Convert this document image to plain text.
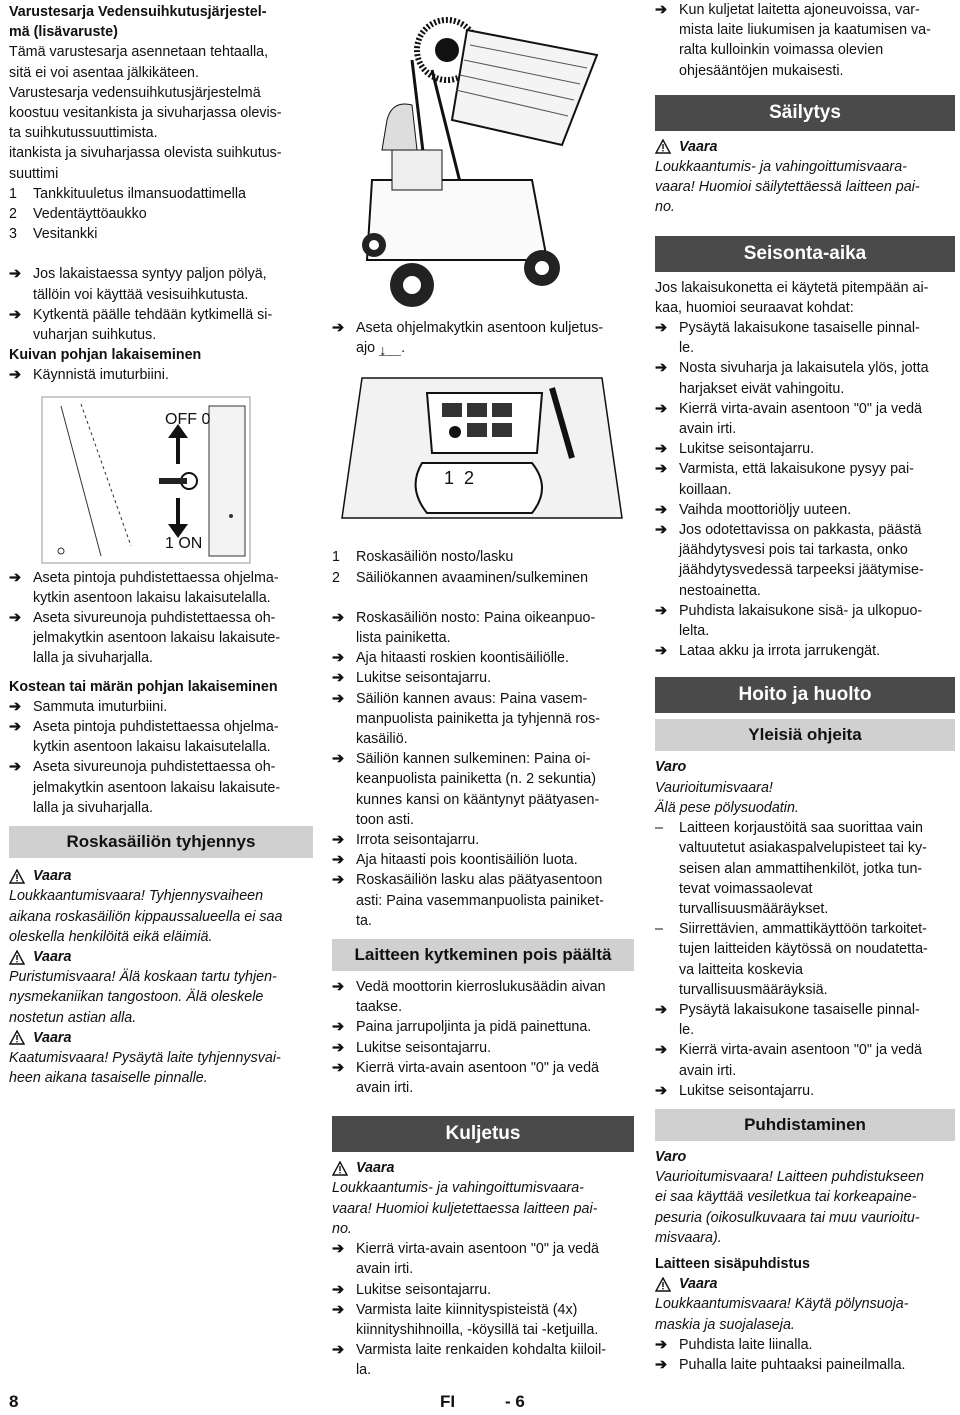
Varustesarja Vedensuihkutusjärjestel-
mä (lisävaruste)

Tämä varustesarja asennetaan tehtaalla,
sitä ei voi asentaa jälkikäteen.

Varustesarja vedensuihkutusjärjestelmä
koostuu vesitankista ja sivuharjassa olevis-
ta suihkutussuuttimista.

itankista ja sivuharjassa olevista suihkutus-
suuttimi

1 Tankkituuletus ilmansuodattimella

2 Vedentäyttöaukko

3 Vesitankki

➔ Jos lakaistaessa syntyy paljon pölyä,
tällöin voi käyttää vesisuihkutusta.

➔ Kytkentä päälle tehdään kytkimellä si-
vuharjan suihkutus.

Kuivan pohjan lakaiseminen

➔ Käynnistä imuturbiini.

OFF 0
1 ON

➔ Aseta pintoja puhdistettaessa ohjelma-
kytkin asentoon lakaisu lakaisutelalla.

➔ Aseta sivureunoja puhdistettaessa oh-
jelmakytkin asentoon lakaisu lakaisute-
lalla ja sivuharjalla.

Kostean tai märän pohjan lakaiseminen

➔ Sammuta imuturbiini.

➔ Aseta pintoja puhdistettaessa ohjelma-
kytkin asentoon lakaisu lakaisutelalla.

➔ Aseta sivureunoja puhdistettaessa oh-
jelmakytkin asentoon lakaisu lakaisute-
lalla ja sivuharjalla.

Roskasäiliön tyhjennys

Vaara

Loukkaantumisvaara! Tyhjennysvaiheen
aikana roskasäiliön kippaussalueella ei saa
oleskella henkilöitä eikä eläimiä.

Vaara

Puristumisvaara! Älä koskaan tartu tyhjen-
nysmekaniikan tangostoon. Älä oleskele
nostetun astian alla.

Vaara

Kaatumisvaara! Pysäytä laite tyhjennysvai-
heen aikana tasaiselle pinnalle.

➔ Aseta ohjelmakytkin asentoon kuljetus-
ajo ↓ .

1  2

1 Roskasäiliön nosto/lasku

2 Säiliökannen avaaminen/sulkeminen

➔ Roskasäiliön nosto: Paina oikeanpuo-
lista painiketta.

➔ Aja hitaasti roskien koontisäiliölle.

➔ Lukitse seisontajarru.

➔ Säiliön kannen avaus: Paina vasem-
manpuolista painiketta ja tyhjennä ros-
kasäiliö.

➔ Säiliön kannen sulkeminen: Paina oi-
keanpuolista painiketta (n. 2 sekuntia)
kunnes kansi on kääntynyt päätyasen-
toon asti.

➔ Irrota seisontajarru.

➔ Aja hitaasti pois koontisäiliön luota.

➔ Roskasäiliön lasku alas päätyasentoon
asti: Paina vasemmanpuolista painiket-
ta.

Laitteen kytkeminen pois päältä

➔ Vedä moottorin kierroslukusäädin aivan
taakse.

➔ Paina jarrupoljinta ja pidä painettuna.

➔ Lukitse seisontajarru.

➔ Kierrä virta-avain asentoon "0" ja vedä
avain irti.

Kuljetus

Vaara

Loukkaantumis- ja vahingoittumisvaara-
vaara! Huomioi kuljetettaessa laitteen pai-
no.

➔ Kierrä virta-avain asentoon "0" ja vedä
avain irti.

➔ Lukitse seisontajarru.

➔ Varmista laite kiinnityspisteistä (4x)
kiinnityshihnoilla, -köysillä tai -ketjuilla.

➔ Varmista laite renkaiden kohdalta kiiloil-
la.

➔ Kun kuljetat laitetta ajoneuvoissa, var-
mista laite liukumisen ja kaatumisen va-
ralta kulloinkin voimassa olevien
ohjesääntöjen mukaisesti.

Säilytys

Vaara

Loukkaantumis- ja vahingoittumisvaara-
vaara! Huomioi säilytettäessä laitteen pai-
no.

Seisonta-aika

Jos lakaisukonetta ei käytetä pitempään ai-
kaa, huomioi seuraavat kohdat:

➔ Pysäytä lakaisukone tasaiselle pinnal-
le.

➔ Nosta sivuharja ja lakaisutela ylös, jotta
harjakset eivät vahingoitu.

➔ Kierrä virta-avain asentoon "0" ja vedä
avain irti.

➔ Lukitse seisontajarru.

➔ Varmista, että lakaisukone pysyy pai-
koillaan.

➔ Vaihda moottoriöljy uuteen.

➔ Jos odotettavissa on pakkasta, päästä
jäähdytysvesi pois tai tarkasta, onko
jäähdytysvedessä tarpeeksi jäätymise-
nestoainetta.

➔ Puhdista lakaisukone sisä- ja ulkopuo-
lelta.

➔ Lataa akku ja irrota jarrukengät.

Hoito ja huolto
Yleisiä ohjeita

Varo

Vaurioitumisvaara!
Älä pese pölysuodatin.

– Laitteen korjaustöitä saa suorittaa vain
valtuutetut asiakaspalvelupisteet tai ky-
seisen alan ammattihenkilöt, jotka tun-
tevat voimassaolevat
turvallisuusmääräykset.

– Siirrettävien, ammattikäyttöön tarkoitet-
tujen laitteiden käytössä on noudatetta-
va laitteita koskevia
turvallisuusmääräyksiä.

➔ Pysäytä lakaisukone tasaiselle pinnal-
le.

➔ Kierrä virta-avain asentoon "0" ja vedä
avain irti.

➔ Lukitse seisontajarru.

Puhdistaminen

Varo

Vaurioitumisvaara! Laitteen puhdistukseen
ei saa käyttää vesiletkua tai korkeapaine-
pesuria (oikosulkuvaara tai muu vaurioitu-
misvaara).

Laitteen sisäpuhdistus

Vaara

Loukkaantumisvaara! Käytä pölynsuoja-
maskia ja suojalaseja.

➔ Puhdista laite liinalla.

➔ Puhalla laite puhtaaksi paineilmalla.

8	FI	- 6
